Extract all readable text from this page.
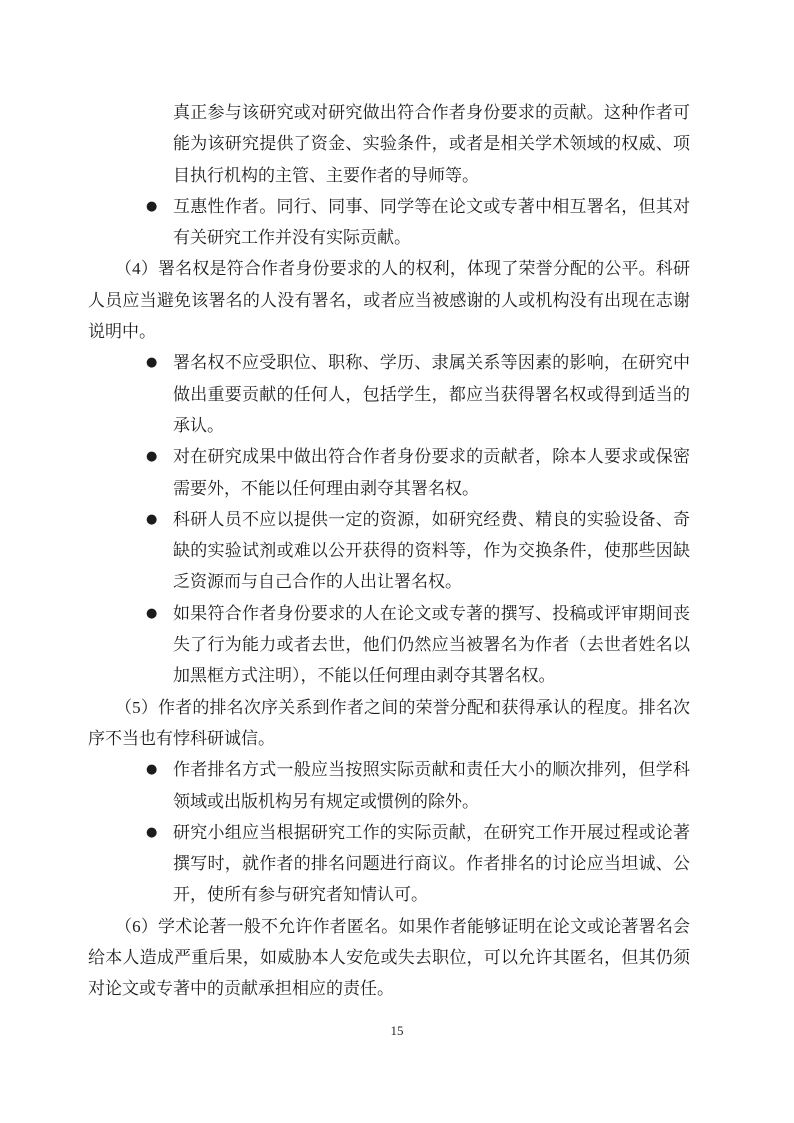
真正参与该研究或对研究做出符合作者身份要求的贡献。这种作者可能为该研究提供了资金、实验条件，或者是相关学术领域的权威、项目执行机构的主管、主要作者的导师等。

● 互惠性作者。同行、同事、同学等在论文或专著中相互署名，但其对有关研究工作并没有实际贡献。

（4）署名权是符合作者身份要求的人的权利，体现了荣誉分配的公平。科研人员应当避免该署名的人没有署名，或者应当被感谢的人或机构没有出现在志谢说明中。

● 署名权不应受职位、职称、学历、隶属关系等因素的影响，在研究中做出重要贡献的任何人，包括学生，都应当获得署名权或得到适当的承认。
● 对在研究成果中做出符合作者身份要求的贡献者，除本人要求或保密需要外，不能以任何理由剥夺其署名权。
● 科研人员不应以提供一定的资源，如研究经费、精良的实验设备、奇缺的实验试剂或难以公开获得的资料等，作为交换条件，使那些因缺乏资源而与自己合作的人出让署名权。
● 如果符合作者身份要求的人在论文或专著的撰写、投稿或评审期间丧失了行为能力或者去世，他们仍然应当被署名为作者（去世者姓名以加黑框方式注明），不能以任何理由剥夺其署名权。

（5）作者的排名次序关系到作者之间的荣誉分配和获得承认的程度。排名次序不当也有悖科研诚信。

● 作者排名方式一般应当按照实际贡献和责任大小的顺次排列，但学科领域或出版机构另有规定或惯例的除外。
● 研究小组应当根据研究工作的实际贡献，在研究工作开展过程或论著撰写时，就作者的排名问题进行商议。作者排名的讨论应当坦诚、公开，使所有参与研究者知情认可。

（6）学术论著一般不允许作者匿名。如果作者能够证明在论文或论著署名会给本人造成严重后果，如威胁本人安危或失去职位，可以允许其匿名，但其仍须对论文或专著中的贡献承担相应的责任。

15
